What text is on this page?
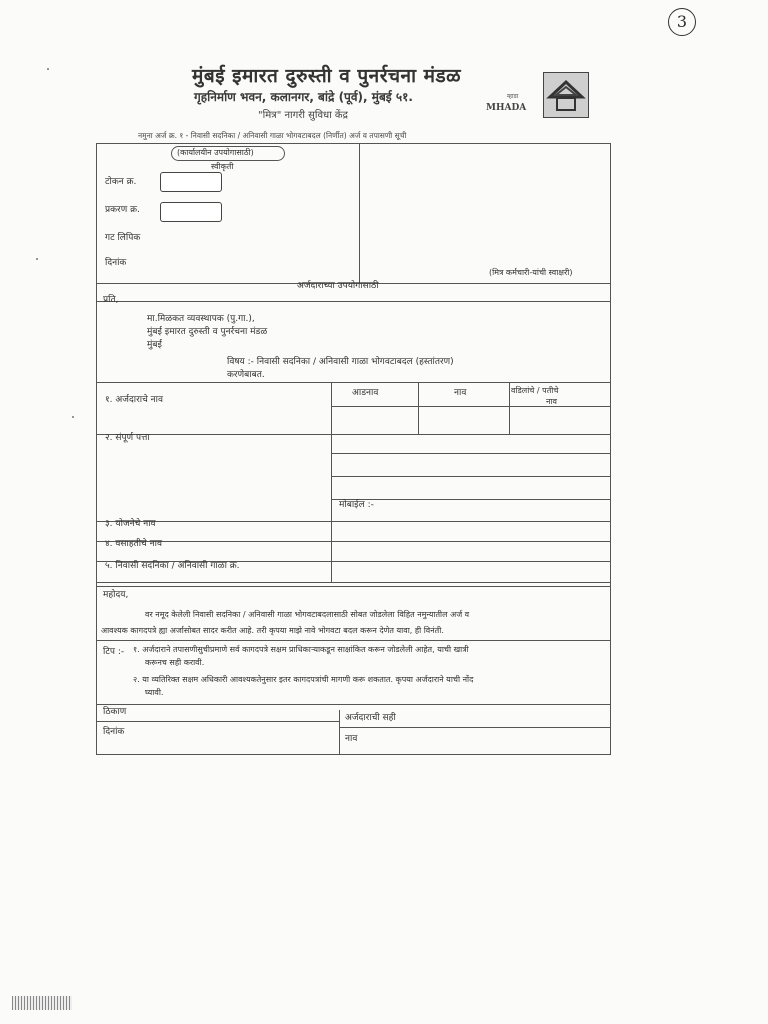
3
मुंबई इमारत दुरुस्ती व पुनर्रचना मंडळ
गृहनिर्माण भवन, कलानगर, बांद्रे (पूर्व), मुंबई ५१.
"मित्र" नागरी सुविधा केंद्र
म्हाडा
MHADA
नमुना अर्ज क्र. १ - निवासी सदनिका / अनिवासी गाळा भोगवटाबदल (निर्णीत) अर्ज व तपासणी सूची
(कार्यालयीन उपयोगासाठी)
स्वीकृती
टोकन क्र.
प्रकरण क्र.
गट लिपिक
दिनांक
(मित्र कर्मचारी-यांची स्वाक्षरी)
अर्जदाराच्या उपयोगासाठी
प्रति,
मा.मिळकत व्यवस्थापक (पु.गा.),
मुंबई इमारत दुरुस्ती व पुनर्रचना मंडळ
मुंबई
विषय :- निवासी सदनिका / अनिवासी गाळा भोगवटाबदल (हस्तांतरण)
करणेबाबत.
आडनाव	नाव	वडिलांचे / पतीचे
नाव
१. अर्जदाराचे नाव
२. संपूर्ण पत्ता
मोबाईल :-
३. योजनेचे नाव
४. वसाहतीचे नाव
५. निवासी सदनिका / अनिवासी गाळा क्र.
महोदय,
वर नमूद केलेली निवासी सदनिका / अनिवासी गाळा भोगवटाबदलासाठी सोबत जोडलेला विहित नमुन्यातील अर्ज व
आवश्यक कागदपत्रे ह्या अर्जासोबत सादर करीत आहे. तरी कृपया माझे नावे भोगवटा बदल करून देणेत यावा, ही विनंती.
टिप :- १. अर्जदाराने तपासणीसुचीप्रमाणे सर्व कागदपत्रे सक्षम प्राधिकाऱ्याकडून साक्षांकित करून जोडलेली आहेत, याची खात्री
करूनच सही करावी.
२. या व्यतिरिक्त सक्षम अधिकारी आवश्यकतेनुसार इतर कागदपत्रांची मागणी करू शकतात. कृपया अर्जदाराने याची नोंद
घ्यावी.
ठिकाण
अर्जदाराची सही
दिनांक
नाव
